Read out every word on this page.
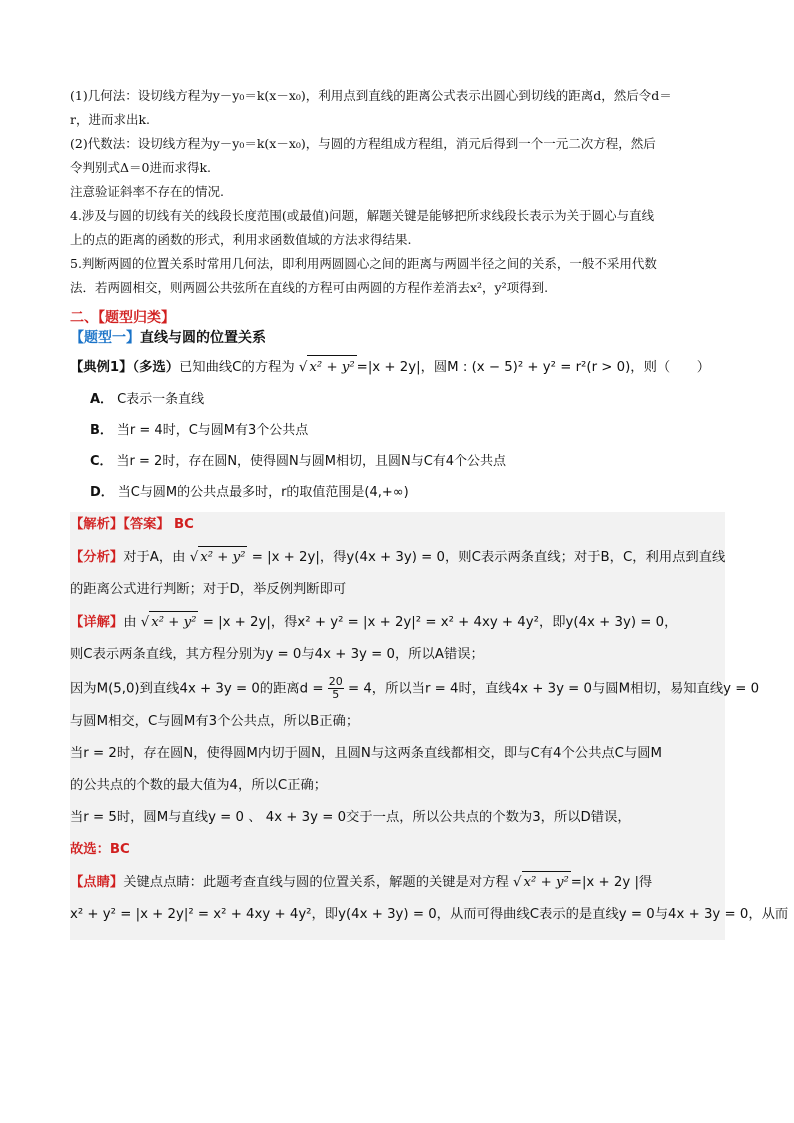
(1)几何法：设切线方程为y－y₀＝k(x－x₀)，利用点到直线的距离公式表示出圆心到切线的距离d，然后令d＝

r，进而求出k.

(2)代数法：设切线方程为y－y₀＝k(x－x₀)，与圆的方程组成方程组，消元后得到一个一元二次方程，然后

令判别式Δ＝0进而求得k.

注意验证斜率不存在的情况.

4.涉及与圆的切线有关的线段长度范围(或最值)问题，解题关键是能够把所求线段长表示为关于圆心与直线

上的点的距离的函数的形式，利用求函数值域的方法求得结果.

5.判断两圆的位置关系时常用几何法，即利用两圆圆心之间的距离与两圆半径之间的关系，一般不采用代数

法．若两圆相交，则两圆公共弦所在直线的方程可由两圆的方程作差消去x²，y²项得到.

二、【题型归类】
【题型一】直线与圆的位置关系

【典例1】（多选）已知曲线C的方程为 √ x² + y² =|x + 2y|，圆M : (x − 5)² + y² = r²(r > 0)，则（　　）

A． C表示一条直线

B． 当r = 4时，C与圆M有3个公共点

C． 当r = 2时，存在圆N，使得圆N与圆M相切，且圆N与C有4个公共点

D． 当C与圆M的公共点最多时，r的取值范围是(4,+∞)

【解析】【答案】 BC

【分析】对于A，由 √ x² + y² = |x + 2y|，得y(4x + 3y) = 0，则C表示两条直线；对于B，C，利用点到直线

的距离公式进行判断；对于D，举反例判断即可

【详解】由 √ x² + y² = |x + 2y|，得x² + y² = |x + 2y|² = x² + 4xy + 4y²，即y(4x + 3y) = 0，

则C表示两条直线，其方程分别为y = 0与4x + 3y = 0，所以A错误；

因为M(5,0)到直线4x + 3y = 0的距离$d = \frac{20}{5} = 4$，所以当r = 4时，直线4x + 3y = 0与圆M相切，易知直线y = 0

与圆M相交，C与圆M有3个公共点，所以B正确；

当r = 2时，存在圆N，使得圆M内切于圆N，且圆N与这两条直线都相交，即与C有4个公共点C与圆M

的公共点的个数的最大值为4，所以C正确；

当r = 5时，圆M与直线y = 0 、 4x + 3y = 0交于一点，所以公共点的个数为3，所以D错误，

故选：BC

【点睛】关键点点睛：此题考查直线与圆的位置关系，解题的关键是对方程 √ x² + y² =|x + 2y |得

x² + y² = |x + 2y|² = x² + 4xy + 4y²，即y(4x + 3y) = 0，从而可得曲线C表示的是直线y = 0与4x + 3y = 0，从而
